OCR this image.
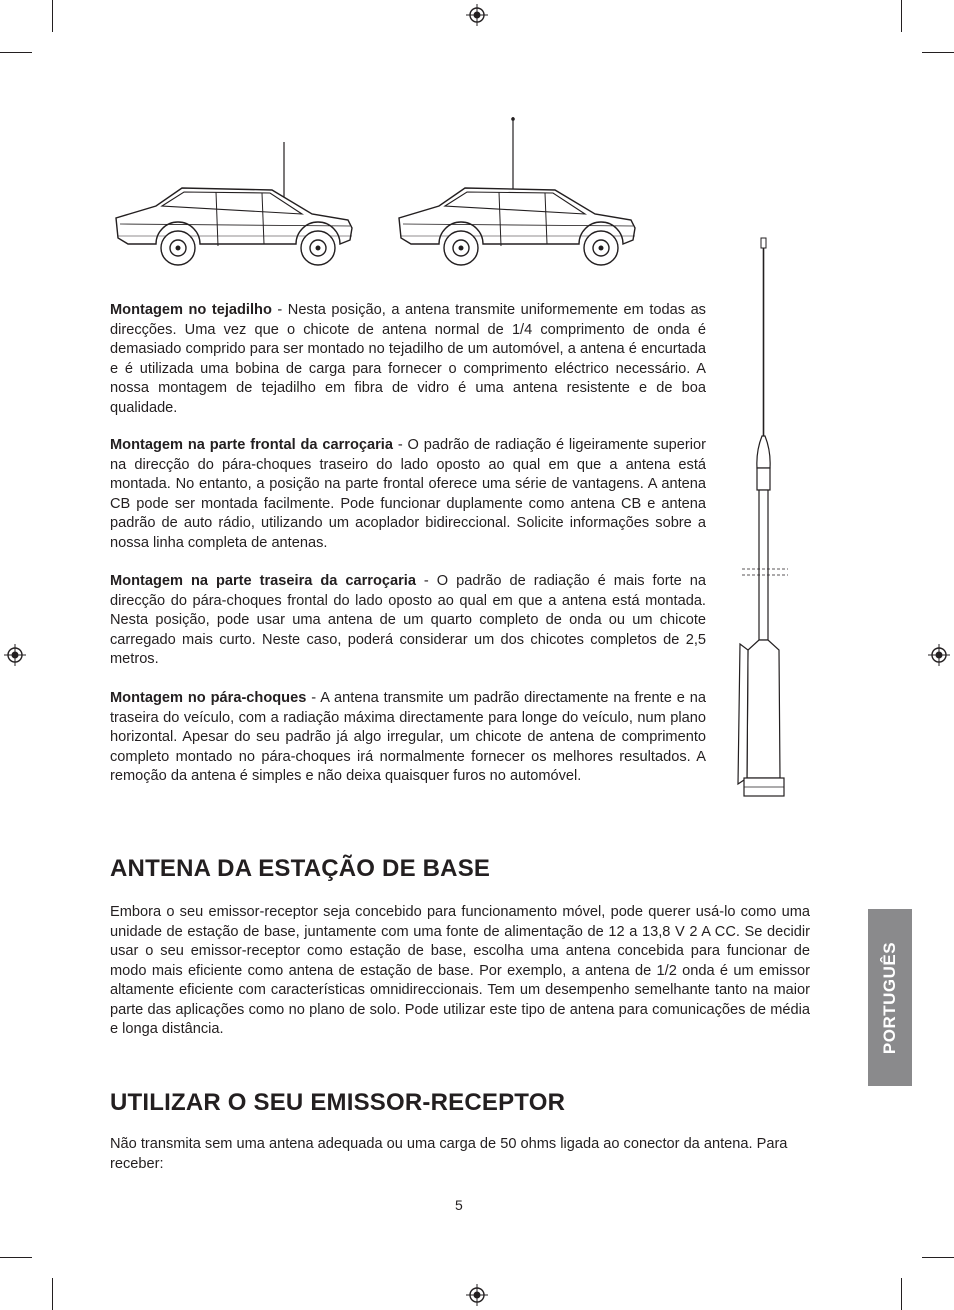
Montagem no tejadilho - Nesta posição, a antena transmite uniformemente em todas as direcções. Uma vez que o chicote de antena normal de 1/4 comprimento de onda é demasiado comprido para ser montado no tejadilho de um automóvel, a antena é encurtada e é utilizada uma bobina de carga para fornecer o comprimento eléctrico necessário. A nossa montagem de tejadilho em fibra de vidro é uma antena resistente e de boa qualidade.

Montagem na parte frontal da carroçaria - O padrão de radiação é ligeiramente superior na direcção do pára-choques traseiro do lado oposto ao qual em que a antena está montada. No entanto, a posição na parte frontal oferece uma série de vantagens. A antena CB pode ser montada facilmente. Pode funcionar duplamente como antena CB e antena padrão de auto rádio, utilizando um acoplador bidireccional. Solicite informações sobre a nossa linha completa de antenas.

Montagem na parte traseira da carroçaria - O padrão de radiação é mais forte na direcção do pára-choques frontal do lado oposto ao qual em que a antena está montada. Nesta posição, pode usar uma antena de um quarto completo de onda ou um chicote carregado mais curto. Neste caso, poderá considerar um dos chicotes completos de 2,5 metros.

Montagem no pára-choques - A antena transmite um padrão directamente na frente e na traseira do veículo, com a radiação máxima directamente para longe do veículo, num plano horizontal. Apesar do seu padrão já algo irregular, um chicote de antena de comprimento completo montado no pára-choques irá normalmente fornecer os melhores resultados. A remoção da antena é simples e não deixa quaisquer furos no automóvel.

ANTENA DA ESTAÇÃO DE BASE

Embora o seu emissor-receptor seja concebido para funcionamento móvel, pode querer usá-lo como uma unidade de estação de base, juntamente com uma fonte de alimentação de 12 a 13,8 V 2 A CC. Se decidir usar o seu emissor-receptor como estação de base, escolha uma antena concebida para funcionar de modo mais eficiente como antena de estação de base. Por exemplo, a antena de 1/2 onda é um emissor altamente eficiente com características omnidireccionais. Tem um desempenho semelhante tanto na maior parte das aplicações como no plano de solo. Pode utilizar este tipo de antena para comunicações de média e longa distância.

UTILIZAR O SEU EMISSOR-RECEPTOR

Não transmita sem uma antena adequada ou uma carga de 50 ohms ligada ao conector da antena. Para receber:

5
PORTUGUÊS
